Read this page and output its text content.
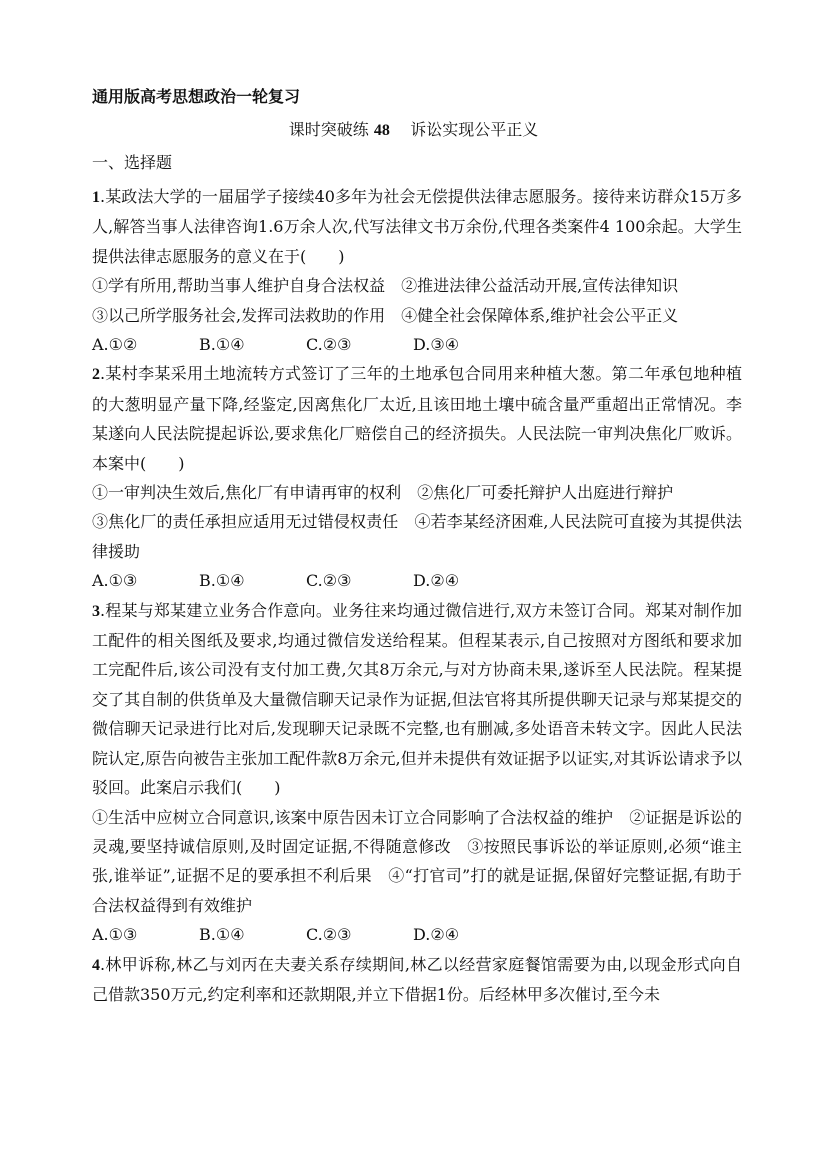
通用版高考思想政治一轮复习
课时突破练 48 诉讼实现公平正义
一、选择题

1.某政法大学的一届届学子接续40多年为社会无偿提供法律志愿服务。接待来访群众15万多人,解答当事人法律咨询1.6万余人次,代写法律文书万余份,代理各类案件4 100余起。大学生提供法律志愿服务的意义在于(　　)

①学有所用,帮助当事人维护自身合法权益　②推进法律公益活动开展,宣传法律知识

③以己所学服务社会,发挥司法救助的作用　④健全社会保障体系,维护社会公平正义

A.①②	B.①④	C.②③	D.③④

2.某村李某采用土地流转方式签订了三年的土地承包合同用来种植大葱。第二年承包地种植的大葱明显产量下降,经鉴定,因离焦化厂太近,且该田地土壤中硫含量严重超出正常情况。李某遂向人民法院提起诉讼,要求焦化厂赔偿自己的经济损失。人民法院一审判决焦化厂败诉。本案中(　　)

①一审判决生效后,焦化厂有申请再审的权利　②焦化厂可委托辩护人出庭进行辩护

③焦化厂的责任承担应适用无过错侵权责任　④若李某经济困难,人民法院可直接为其提供法律援助

A.①③	B.①④	C.②③	D.②④

3.程某与郑某建立业务合作意向。业务往来均通过微信进行,双方未签订合同。郑某对制作加工配件的相关图纸及要求,均通过微信发送给程某。但程某表示,自己按照对方图纸和要求加工完配件后,该公司没有支付加工费,欠其8万余元,与对方协商未果,遂诉至人民法院。程某提交了其自制的供货单及大量微信聊天记录作为证据,但法官将其所提供聊天记录与郑某提交的微信聊天记录进行比对后,发现聊天记录既不完整,也有删减,多处语音未转文字。因此人民法院认定,原告向被告主张加工配件款8万余元,但并未提供有效证据予以证实,对其诉讼请求予以驳回。此案启示我们(　　)

①生活中应树立合同意识,该案中原告因未订立合同影响了合法权益的维护　②证据是诉讼的灵魂,要坚持诚信原则,及时固定证据,不得随意修改　③按照民事诉讼的举证原则,必须“谁主张,谁举证”,证据不足的要承担不利后果　④“打官司”打的就是证据,保留好完整证据,有助于合法权益得到有效维护

A.①③	B.①④	C.②③	D.②④

4.林甲诉称,林乙与刘丙在夫妻关系存续期间,林乙以经营家庭餐馆需要为由,以现金形式向自己借款350万元,约定利率和还款期限,并立下借据1份。后经林甲多次催讨,至今未
